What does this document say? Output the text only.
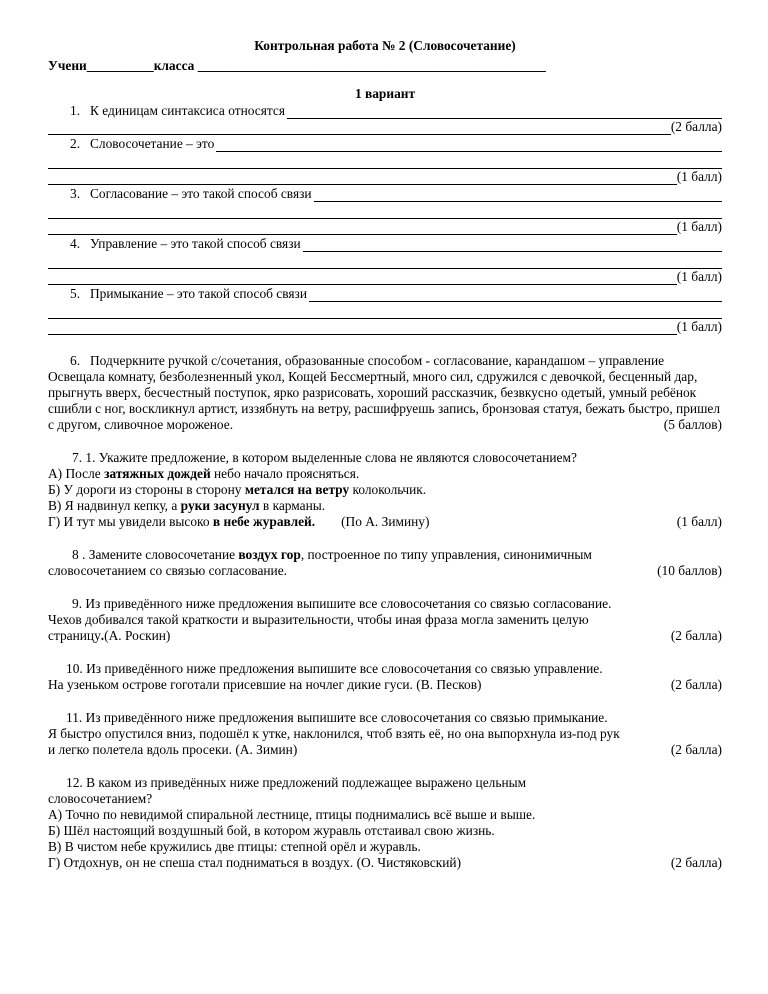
Контрольная работа № 2 (Словосочетание)
Учени__________класса ____________________________________________________
1 вариант
1. К единицам синтаксиса относятся
(2 балла)
2. Словосочетание – это
(1 балл)
3. Согласование – это такой способ связи
(1 балл)
4. Управление – это такой способ связи
(1 балл)
5. Примыкание – это такой способ связи
(1 балл)
6. Подчеркните ручкой с/сочетания, образованные способом - согласование, карандашом – управление
Освещала комнату, безболезненный укол, Кощей Бессмертный, много сил, сдружился с девочкой, бесценный дар, прыгнуть вверх, бесчестный поступок, ярко разрисовать, хороший рассказчик, безвкусно одетый, умный ребёнок сшибли с ног, воскликнул артист, иззябнуть на ветру, расшифруешь запись, бронзовая статуя, бежать быстро, пришел с другом, сливочное мороженое.	(5 баллов)
7. 1. Укажите предложение, в котором выделенные слова не являются словосочетанием?
А) После затяжных дождей небо начало проясняться.
Б) У дороги из стороны в сторону метался на ветру колокольчик.
В) Я надвинул кепку, а руки засунул в карманы.
Г) И тут мы увидели высоко в небе журавлей. (По А. Зимину)	(1 балл)
8 . Замените словосочетание воздух гор, построенное по типу управления, синонимичным
словосочетанием со связью согласование.	(10 баллов)
9. Из приведённого ниже предложения выпишите все словосочетания со связью согласование.
Чехов добивался такой краткости и выразительности, чтобы иная фраза могла заменить целую
страницу.(А. Роскин)	(2 балла)
10. Из приведённого ниже предложения выпишите все словосочетания со связью управление.
На узеньком острове гоготали присевшие на ночлег дикие гуси. (В. Песков)	(2 балла)
11. Из приведённого ниже предложения выпишите все словосочетания со связью примыкание.
Я быстро опустился вниз, подошёл к утке, наклонился, чтоб взять её, но она выпорхнула из-под рук
и легко полетела вдоль просеки. (А. Зимин)	(2 балла)
12. В каком из приведённых ниже предложений подлежащее выражено цельным
словосочетанием?
А) Точно по невидимой спиральной лестнице, птицы поднимались всё выше и выше.
Б) Шёл настоящий воздушный бой, в котором журавль отстаивал свою жизнь.
В) В чистом небе кружились две птицы: степной орёл и журавль.
Г) Отдохнув, он не спеша стал подниматься в воздух. (О. Чистяковский)	(2 балла)
